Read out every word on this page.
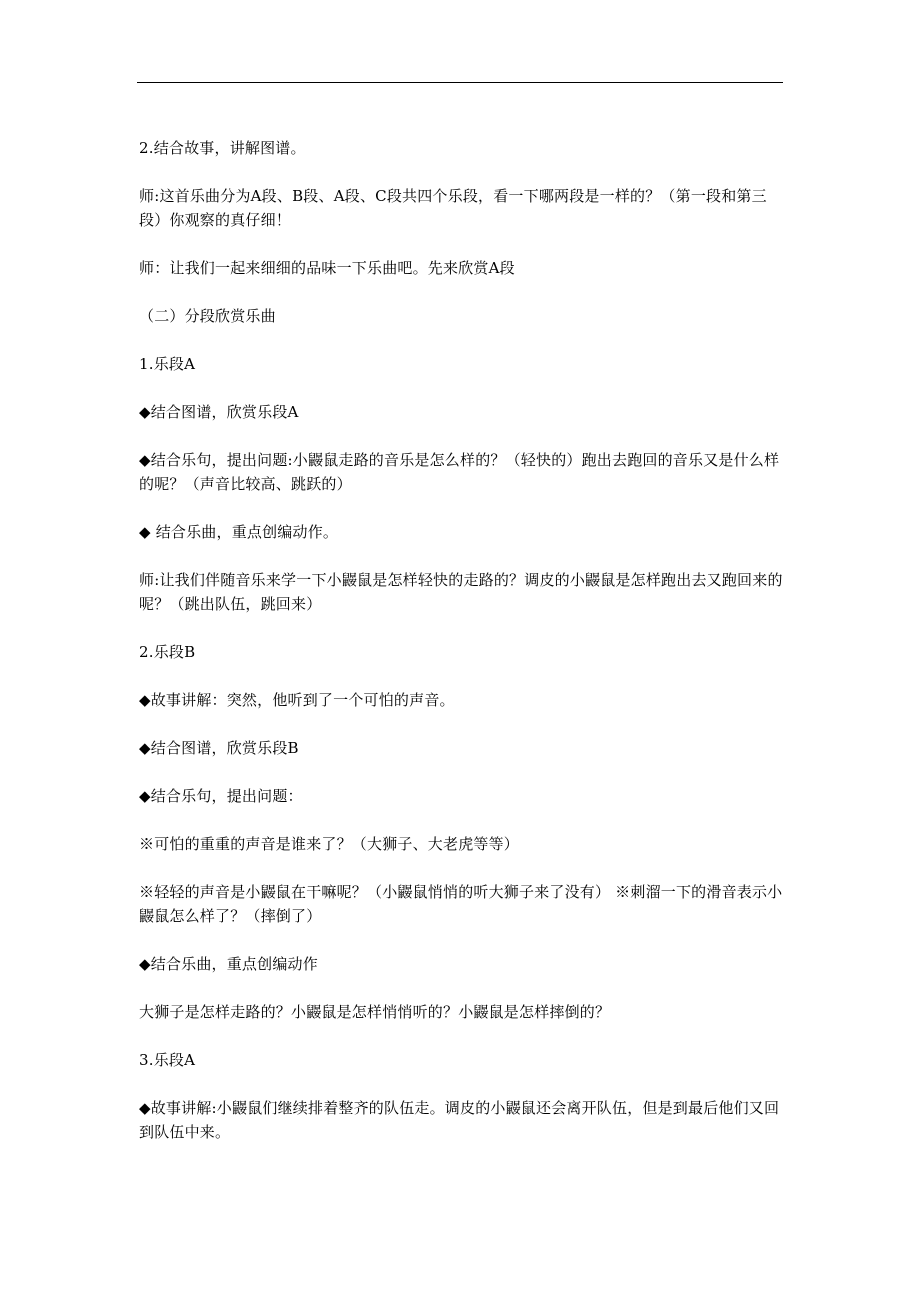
2.结合故事，讲解图谱。

师:这首乐曲分为A段、B段、A段、C段共四个乐段，看一下哪两段是一样的？（第一段和第三段）你观察的真仔细！

师：让我们一起来细细的品味一下乐曲吧。先来欣赏A段

（二）分段欣赏乐曲

1.乐段A

◆结合图谱，欣赏乐段A

◆结合乐句，提出问题:小鼹鼠走路的音乐是怎么样的？（轻快的）跑出去跑回的音乐又是什么样的呢？（声音比较高、跳跃的）

◆ 结合乐曲，重点创编动作。

师:让我们伴随音乐来学一下小鼹鼠是怎样轻快的走路的？调皮的小鼹鼠是怎样跑出去又跑回来的呢？（跳出队伍，跳回来）

2.乐段B

◆故事讲解：突然，他听到了一个可怕的声音。

◆结合图谱，欣赏乐段B

◆结合乐句，提出问题：

※可怕的重重的声音是谁来了？（大狮子、大老虎等等）

※轻轻的声音是小鼹鼠在干嘛呢？（小鼹鼠悄悄的听大狮子来了没有） ※刺溜一下的滑音表示小鼹鼠怎么样了？（摔倒了）

◆结合乐曲，重点创编动作

大狮子是怎样走路的？小鼹鼠是怎样悄悄听的？小鼹鼠是怎样摔倒的？

3.乐段A

◆故事讲解:小鼹鼠们继续排着整齐的队伍走。调皮的小鼹鼠还会离开队伍，但是到最后他们又回到队伍中来。
